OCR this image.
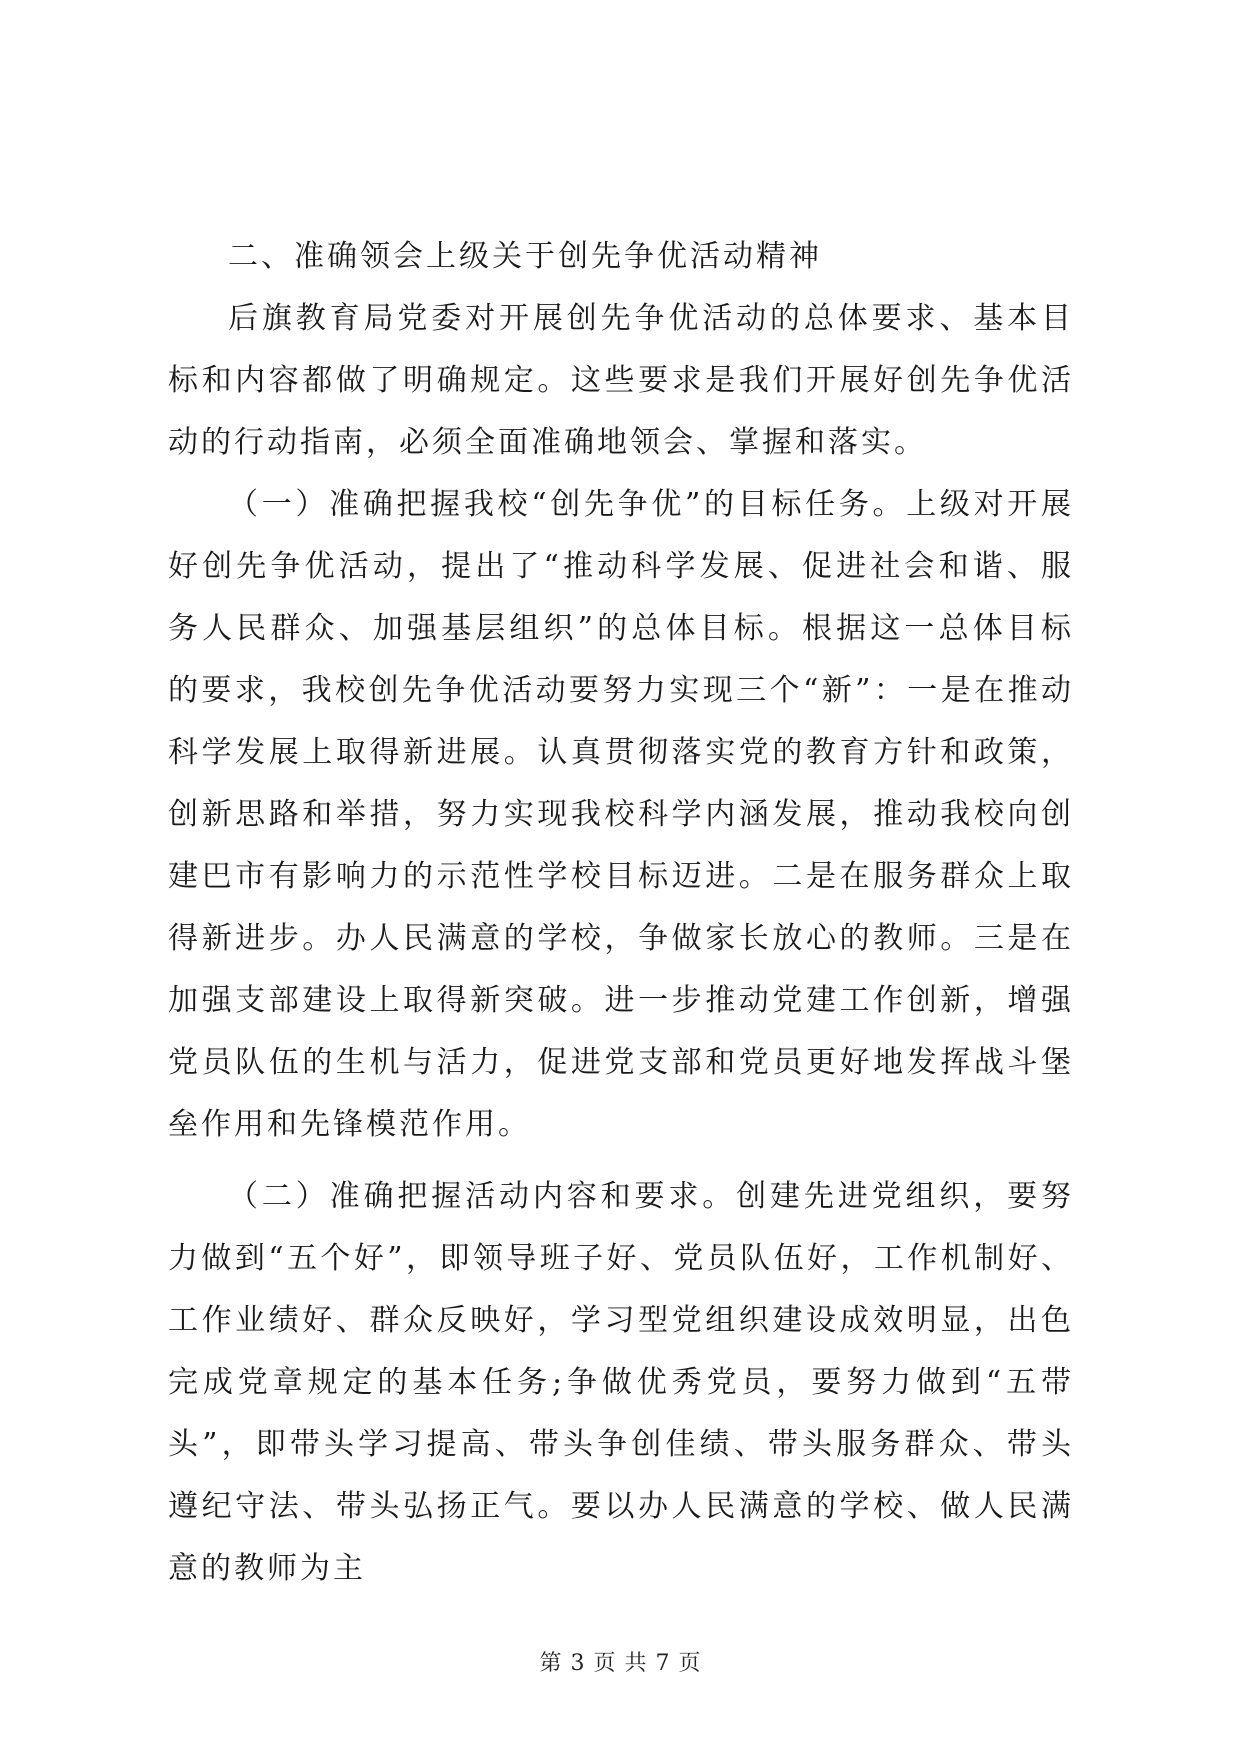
二、准确领会上级关于创先争优活动精神

后旗教育局党委对开展创先争优活动的总体要求、基本目标和内容都做了明确规定。这些要求是我们开展好创先争优活动的行动指南，必须全面准确地领会、掌握和落实。

（一）准确把握我校“创先争优”的目标任务。上级对开展好创先争优活动，提出了“推动科学发展、促进社会和谐、服务人民群众、加强基层组织”的总体目标。根据这一总体目标的要求，我校创先争优活动要努力实现三个“新”：一是在推动科学发展上取得新进展。认真贯彻落实党的教育方针和政策，创新思路和举措，努力实现我校科学内涵发展，推动我校向创建巴市有影响力的示范性学校目标迈进。二是在服务群众上取得新进步。办人民满意的学校，争做家长放心的教师。三是在加强支部建设上取得新突破。进一步推动党建工作创新，增强党员队伍的生机与活力，促进党支部和党员更好地发挥战斗堡垒作用和先锋模范作用。

（二）准确把握活动内容和要求。创建先进党组织，要努力做到“五个好”，即领导班子好、党员队伍好，工作机制好、工作业绩好、群众反映好，学习型党组织建设成效明显，出色完成党章规定的基本任务;争做优秀党员，要努力做到“五带头”，即带头学习提高、带头争创佳绩、带头服务群众、带头遵纪守法、带头弘扬正气。要以办人民满意的学校、做人民满意的教师为主

第 3 页 共 7 页
